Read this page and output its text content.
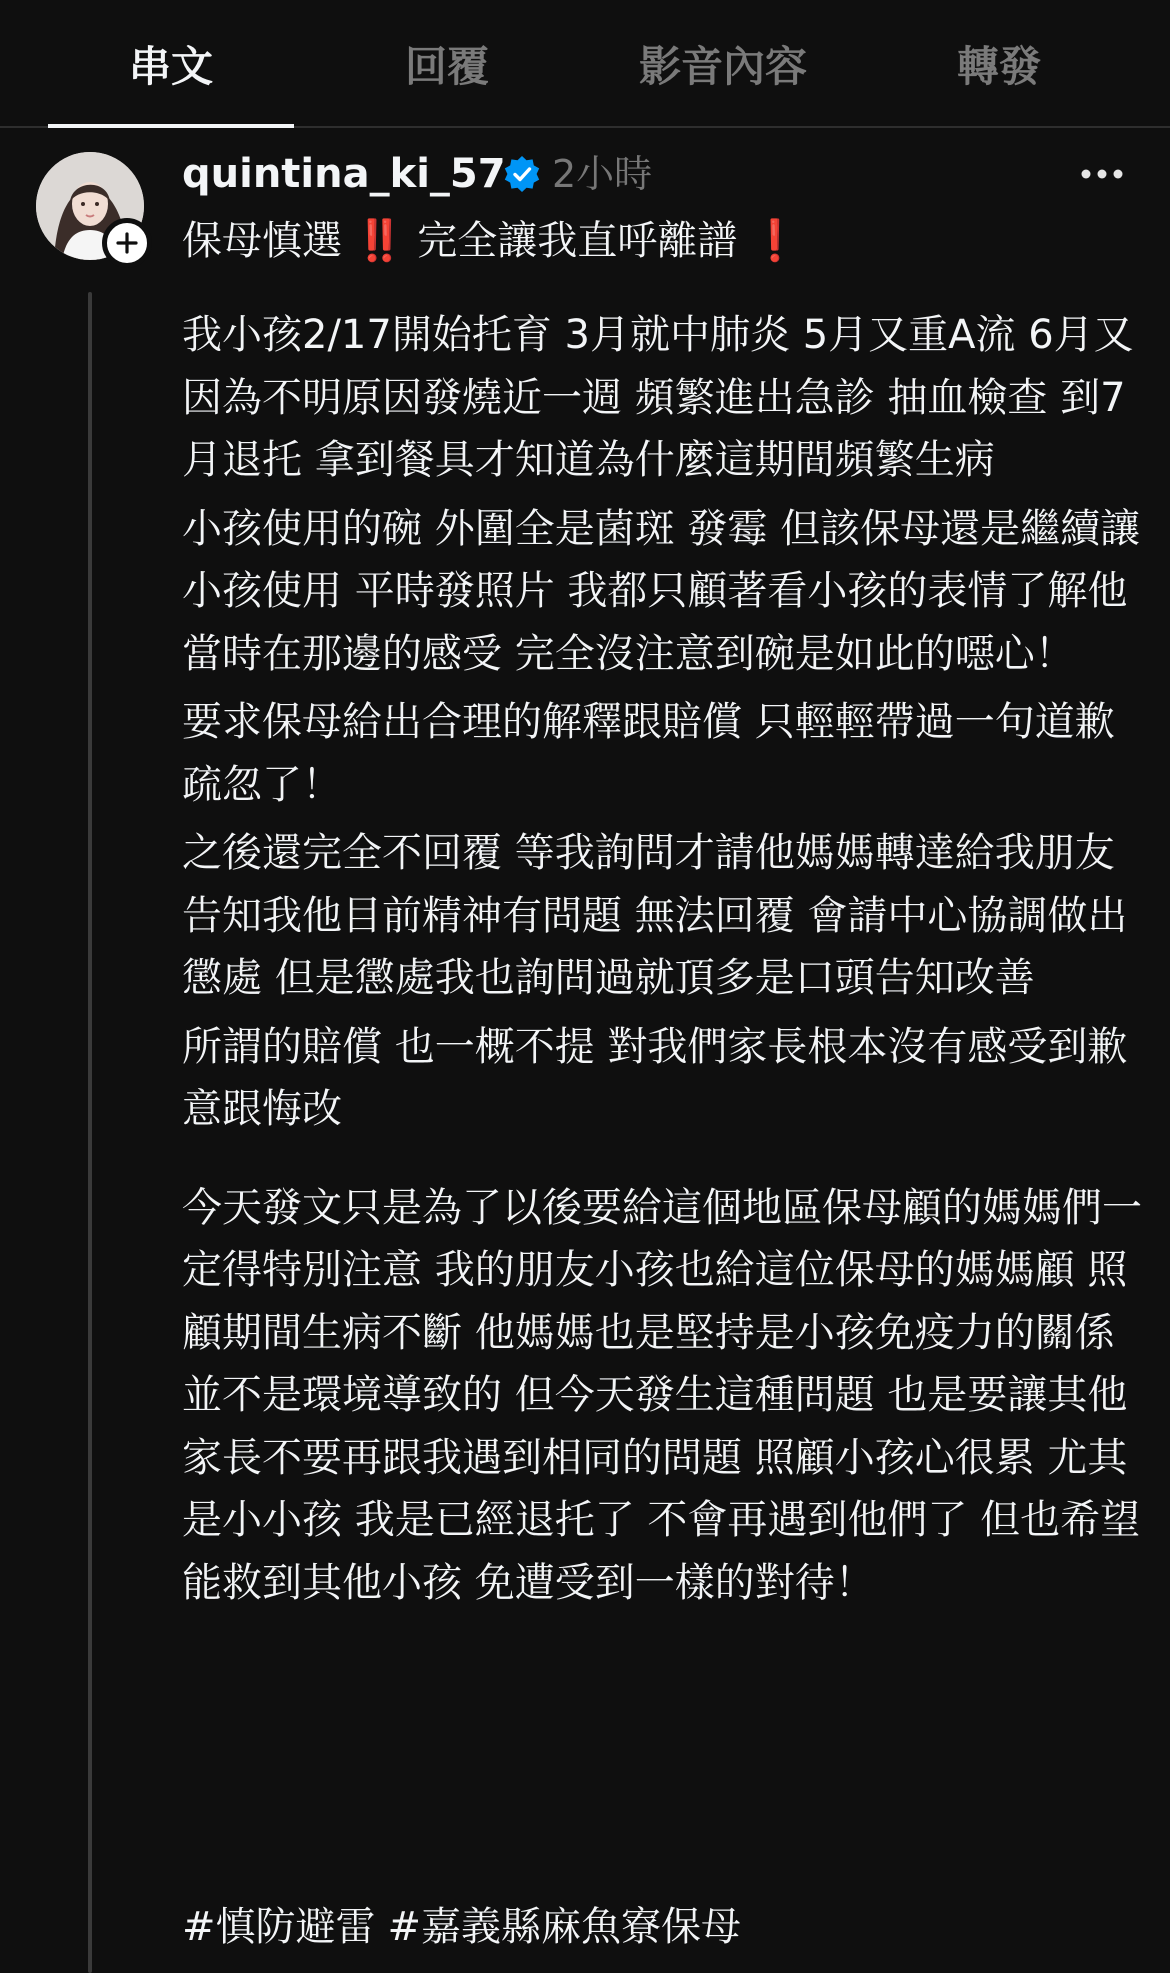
串文	回覆	影音內容	轉發
quintina_ki_57 2小時
保母慎選 ‼️ 完全讓我直呼離譜 ❗️

我小孩2/17開始托育 3月就中肺炎 5月又重A流 6月又因為不明原因發燒近一週 頻繁進出急診 抽血檢查 到7月退托 拿到餐具才知道為什麼這期間頻繁生病

小孩使用的碗 外圍全是菌斑 發霉 但該保母還是繼續讓小孩使用 平時發照片 我都只顧著看小孩的表情了解他當時在那邊的感受 完全沒注意到碗是如此的噁心！

要求保母給出合理的解釋跟賠償 只輕輕帶過一句道歉 疏忽了！

之後還完全不回覆 等我詢問才請他媽媽轉達給我朋友告知我他目前精神有問題 無法回覆 會請中心協調做出懲處 但是懲處我也詢問過就頂多是口頭告知改善

所謂的賠償 也一概不提 對我們家長根本沒有感受到歉意跟悔改

今天發文只是為了以後要給這個地區保母顧的媽媽們一定得特別注意 我的朋友小孩也給這位保母的媽媽顧 照顧期間生病不斷 他媽媽也是堅持是小孩免疫力的關係 並不是環境導致的 但今天發生這種問題 也是要讓其他家長不要再跟我遇到相同的問題 照顧小孩心很累 尤其是小小孩 我是已經退托了 不會再遇到他們了 但也希望能救到其他小孩 免遭受到一樣的對待！

#慎防避雷 #嘉義縣麻魚寮保母
